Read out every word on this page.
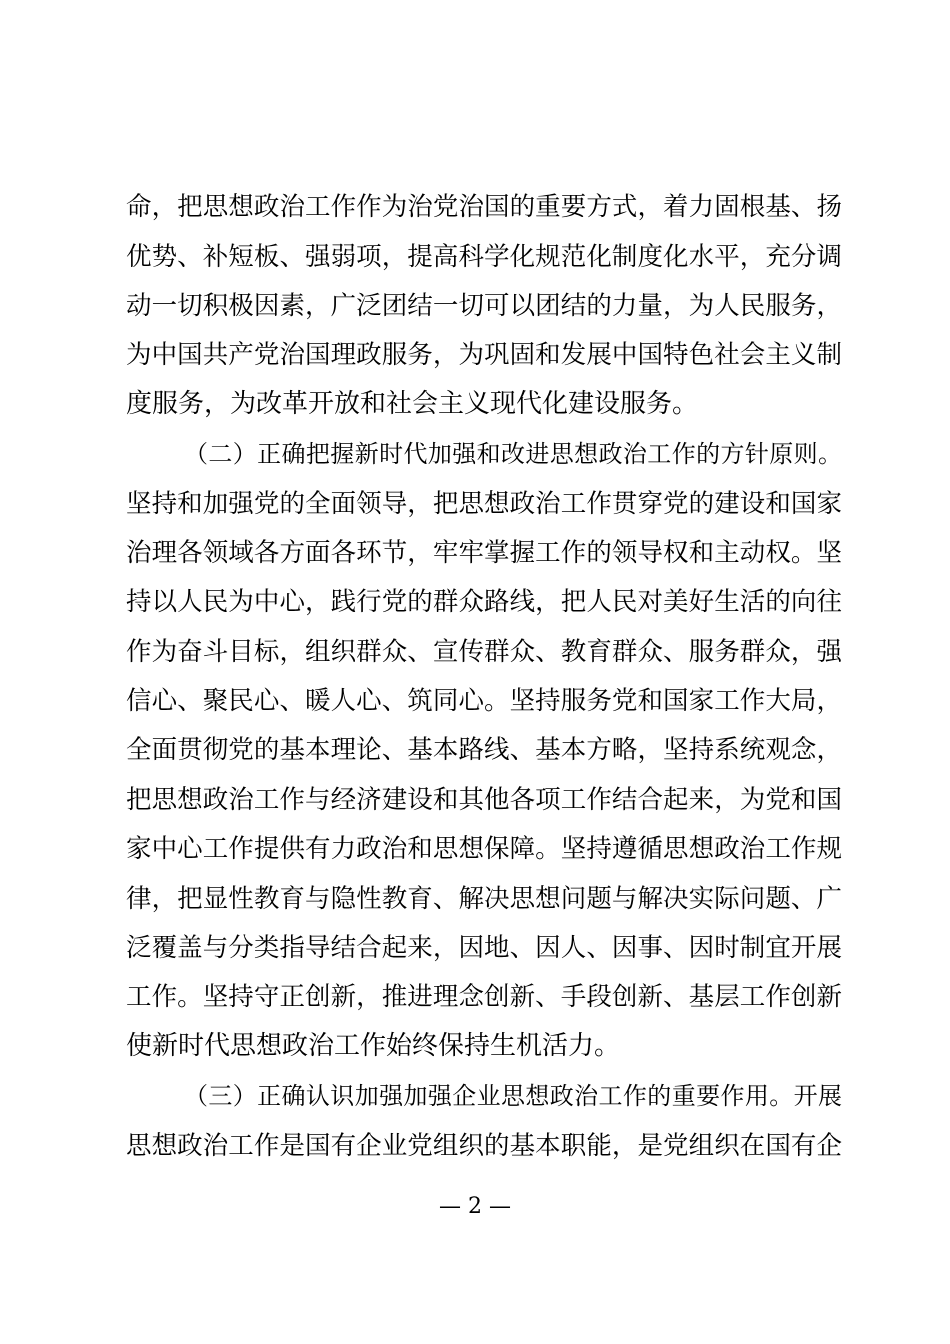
命，把思想政治工作作为治党治国的重要方式，着力固根基、扬
优势、补短板、强弱项，提高科学化规范化制度化水平，充分调
动一切积极因素，广泛团结一切可以团结的力量，为人民服务，
为中国共产党治国理政服务，为巩固和发展中国特色社会主义制
度服务，为改革开放和社会主义现代化建设服务。
（二）正确把握新时代加强和改进思想政治工作的方针原则。
坚持和加强党的全面领导，把思想政治工作贯穿党的建设和国家
治理各领域各方面各环节，牢牢掌握工作的领导权和主动权。坚
持以人民为中心，践行党的群众路线，把人民对美好生活的向往
作为奋斗目标，组织群众、宣传群众、教育群众、服务群众，强
信心、聚民心、暖人心、筑同心。坚持服务党和国家工作大局，
全面贯彻党的基本理论、基本路线、基本方略，坚持系统观念，
把思想政治工作与经济建设和其他各项工作结合起来，为党和国
家中心工作提供有力政治和思想保障。坚持遵循思想政治工作规
律，把显性教育与隐性教育、解决思想问题与解决实际问题、广
泛覆盖与分类指导结合起来，因地、因人、因事、因时制宜开展
工作。坚持守正创新，推进理念创新、手段创新、基层工作创新
使新时代思想政治工作始终保持生机活力。
（三）正确认识加强加强企业思想政治工作的重要作用。开展
思想政治工作是国有企业党组织的基本职能，是党组织在国有企
— 2 —
